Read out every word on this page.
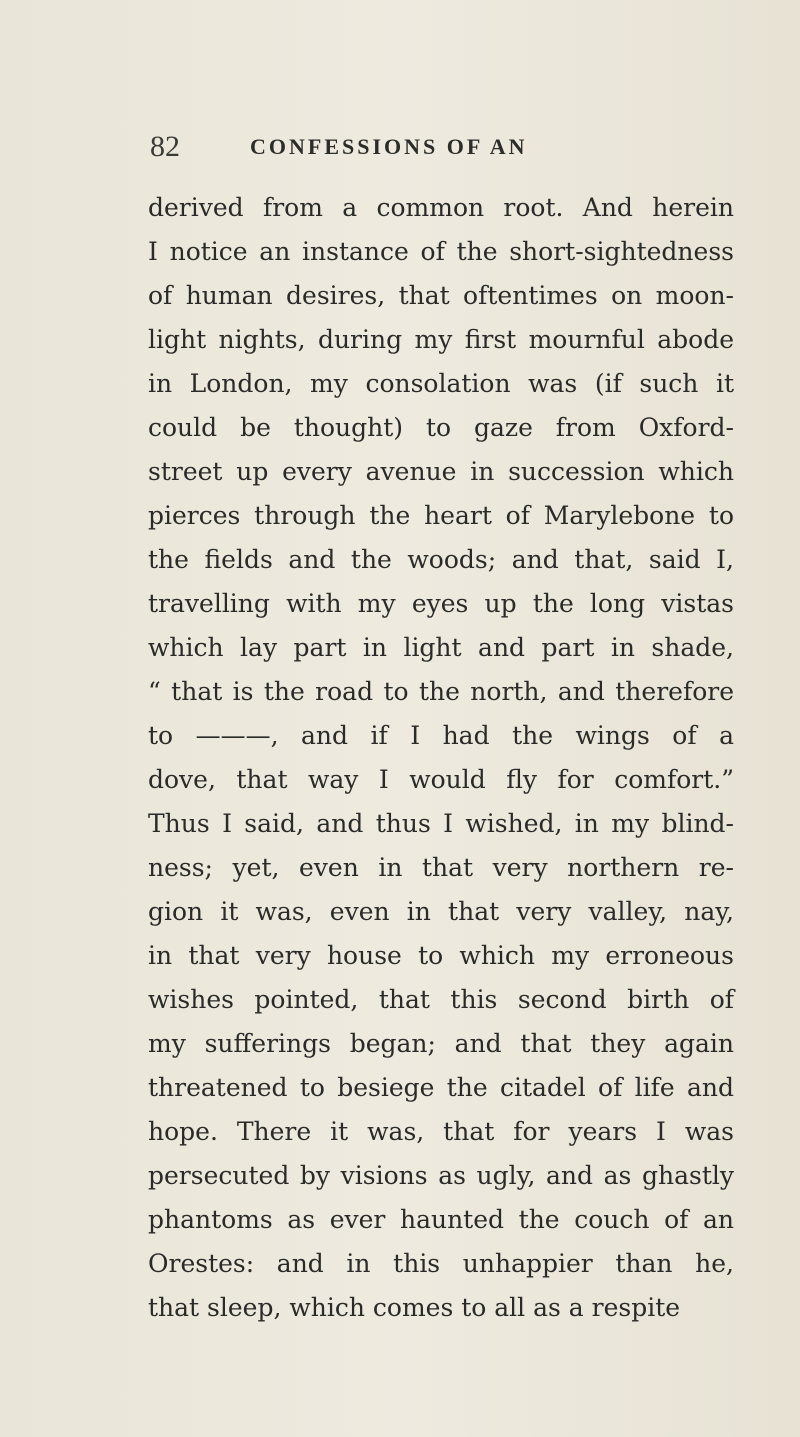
82	CONFESSIONS OF AN
derived from a common root. And herein
I notice an instance of the short-sightedness
of human desires, that oftentimes on moon-
light nights, during my first mournful abode
in London, my consolation was (if such it
could be thought) to gaze from Oxford-
street up every avenue in succession which
pierces through the heart of Marylebone to
the fields and the woods; and that, said I,
travelling with my eyes up the long vistas
which lay part in light and part in shade,
“ that is the road to the north, and therefore
to ———, and if I had the wings of a
dove, that way I would fly for comfort.”
Thus I said, and thus I wished, in my blind-
ness; yet, even in that very northern re-
gion it was, even in that very valley, nay,
in that very house to which my erroneous
wishes pointed, that this second birth of
my sufferings began; and that they again
threatened to besiege the citadel of life and
hope. There it was, that for years I was
persecuted by visions as ugly, and as ghastly
phantoms as ever haunted the couch of an
Orestes: and in this unhappier than he,
that sleep, which comes to all as a respite
